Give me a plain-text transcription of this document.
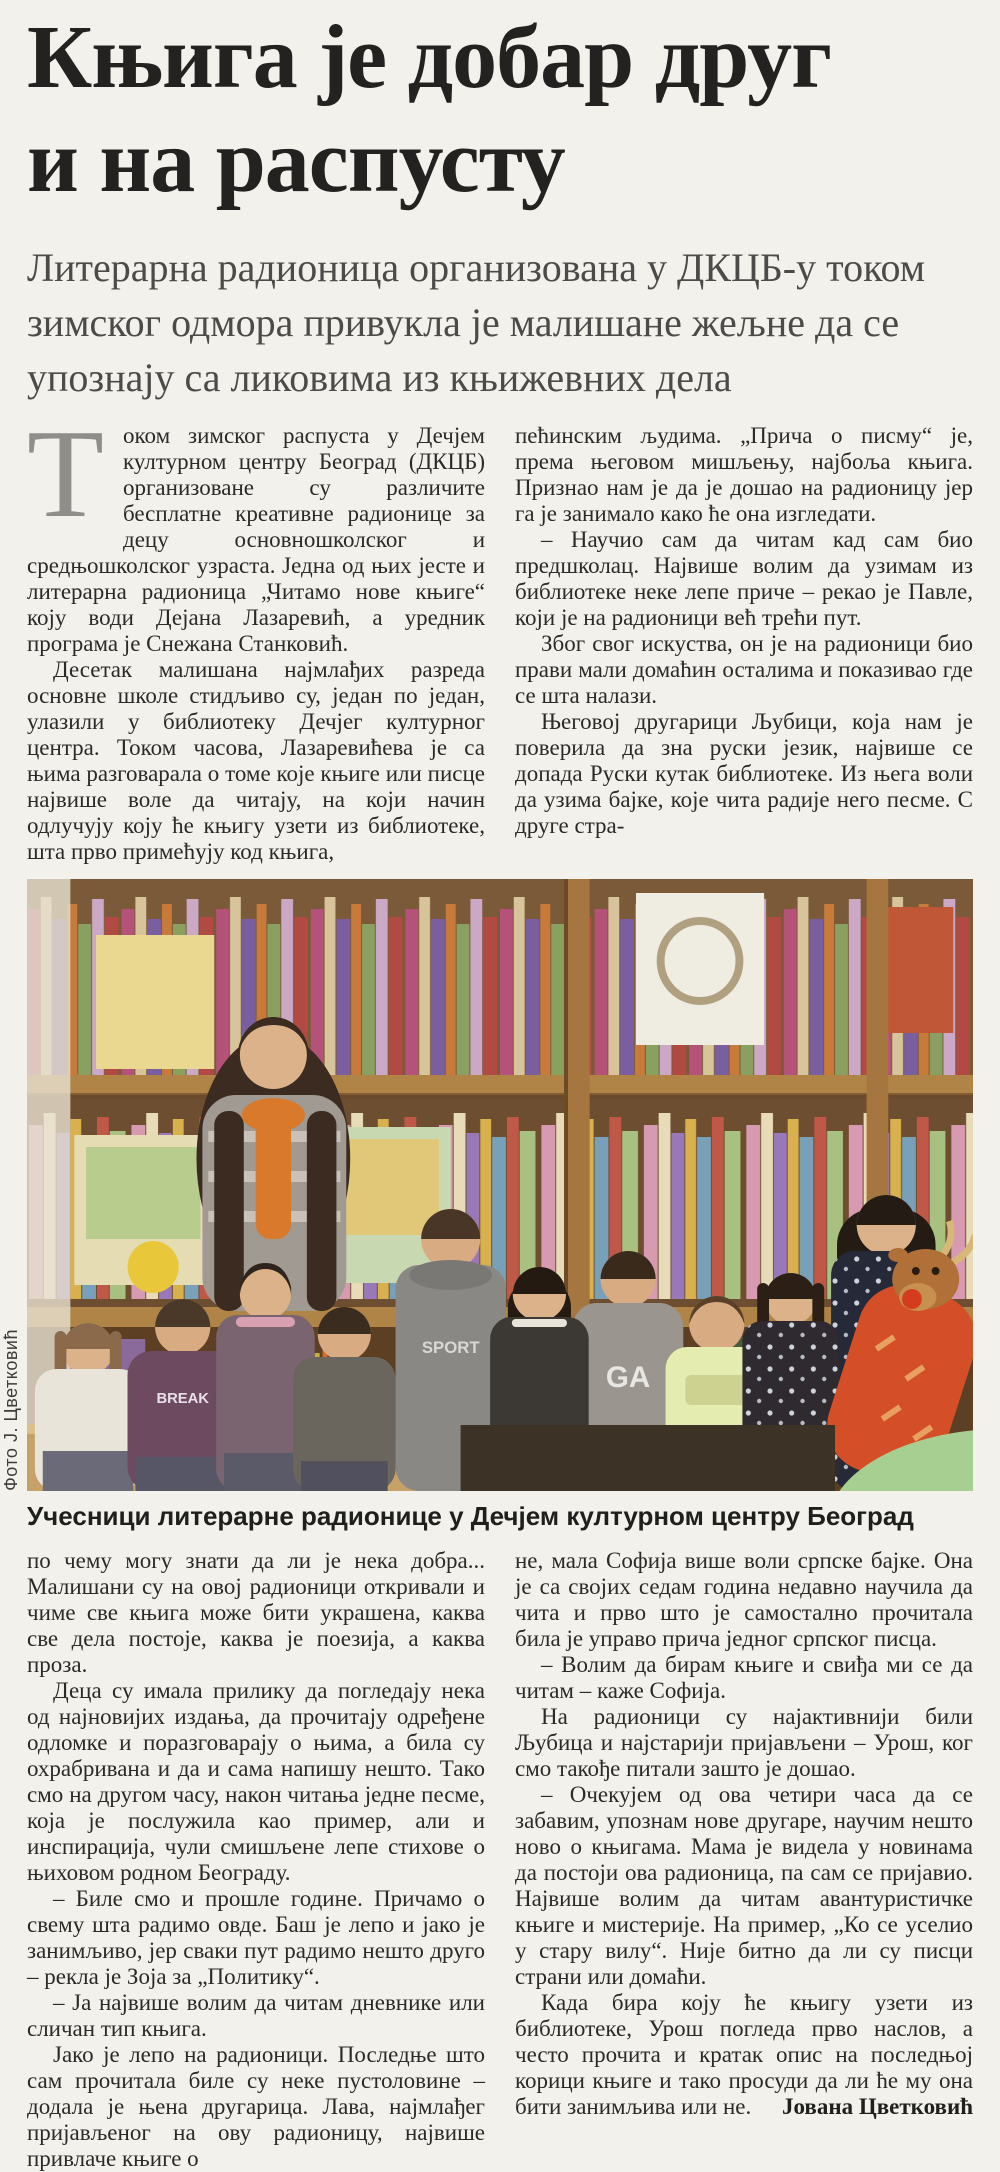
Књига је добар друг
и на распусту
Литерарна радионица организована у ДКЦБ-у током зимског одмора привукла је малишане жељне да се упознају са ликовима из књижевних дела

Током зимског распуста у Дечјем културном центру Београд (ДКЦБ) организоване су различите бесплатне креативне радионице за децу основношколског и средњошколског узраста. Једна од њих јесте и литерарна радионица „Читамо нове књиге“ коју води Дејана Лазаревић, а уредник програма је Снежана Станковић.

Десетак малишана најмлађих разреда основне школе стидљиво су, један по један, улазили у библиотеку Дечјег културног центра. Током часова, Лазаревићева је са њима разговарала о томе које књиге или писце највише воле да читају, на који начин одлучују коју ће књигу узети из библиотеке, шта прво примећују код књига,

пећинским људима. „Прича о писму“ је, према његовом мишљењу, најбоља књига. Признао нам је да је дошао на радионицу јер га је занимало како ће она изгледати.

– Научио сам да читам кад сам био предшколац. Највише волим да узимам из библиотеке неке лепе приче – рекао је Павле, који је на радионици већ трећи пут.

Због свог искуства, он је на радионици био прави мали домаћин осталима и показивао где се шта налази.

Његовој другарици Љубици, која нам је поверила да зна руски језик, највише се допада Руски кутак библиотеке. Из њега воли да узима бајке, које чита радије него песме. С друге стра-

Фото Ј. Цветковић	SPORT
GA
BREAK
Учесници литерарне радионице у Дечјем културном центру Београд

по чему могу знати да ли је нека добра... Малишани су на овој радионици откривали и чиме све књига може бити украшена, каква све дела постоје, каква је поезија, а каква проза.

Деца су имала прилику да погледају нека од најновијих издања, да прочитају одређене одломке и поразговарају о њима, а била су охрабривана и да и сама напишу нешто. Тако смо на другом часу, након читања једне песме, која је послужила као пример, али и инспирација, чули смишљене лепе стихове о њиховом родном Београду.

– Биле смо и прошле године. Причамо о свему шта радимо овде. Баш је лепо и јако је занимљиво, јер сваки пут радимо нешто друго – рекла је Зоја за „Политику“.

– Ја највише волим да читам дневнике или сличан тип књига.

Јако је лепо на радионици. Последње што сам прочитала биле су неке пустоловине – додала је њена другарица. Лава, најмлађег пријављеног на ову радионицу, највише привлаче књиге о

не, мала Софија више воли српске бајке. Она је са својих седам година недавно научила да чита и прво што је самостално прочитала била је управо прича једног српског писца.

– Волим да бирам књиге и свиђа ми се да читам – каже Софија.

На радионици су најактивнији били Љубица и најстарији пријављени – Урош, ког смо такође питали зашто је дошао.

– Очекујем од ова четири часа да се забавим, упознам нове другаре, научим нешто ново о књигама. Мама је видела у новинама да постоји ова радионица, па сам се пријавио. Највише волим да читам авантуристичке књиге и мистерије. На пример, „Ко се уселио у стару вилу“. Није битно да ли су писци страни или домаћи.

Када бира коју ће књигу узети из библиотеке, Урош погледа прво наслов, а често прочита и кратак опис на последњој корици књиге и тако просуди да ли ће му она бити занимљива или не.	Јована Цветковић
